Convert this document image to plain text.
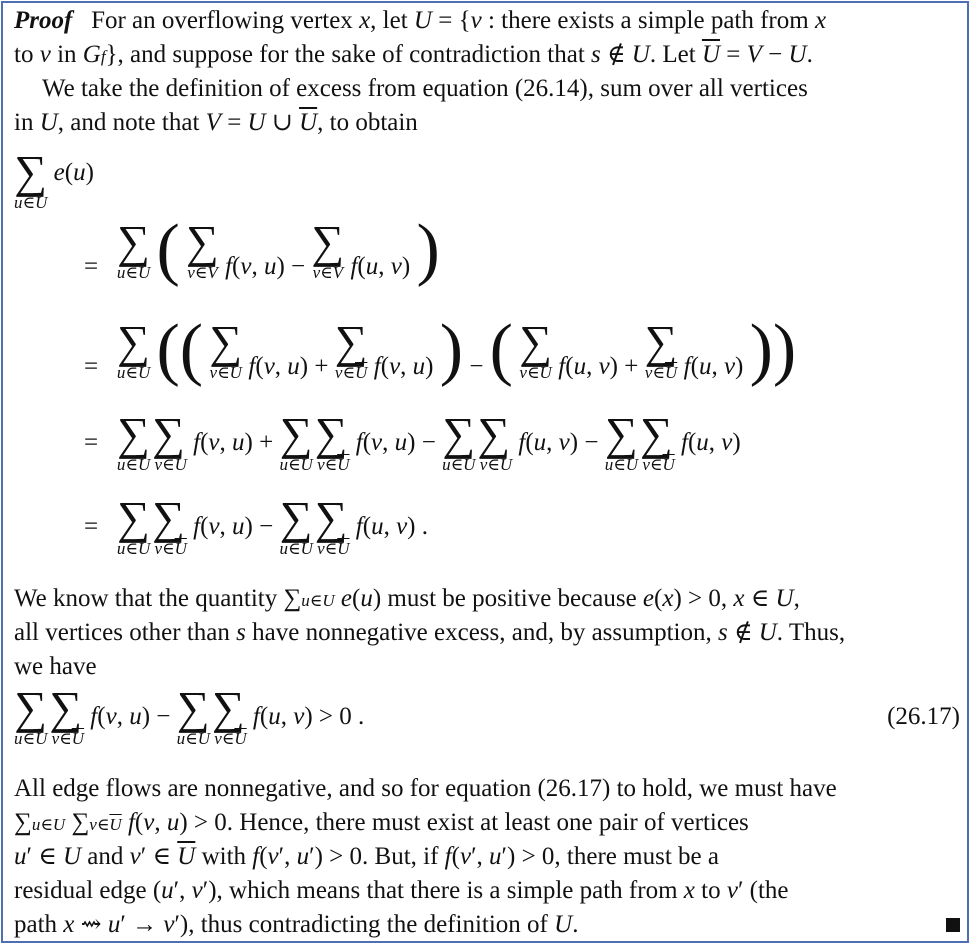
Proof   For an overflowing vertex x, let U = {ν : there exists a simple path from x
to ν in Gf}, and suppose for the sake of contradiction that s ∉ U. Let $\overline{U} = V - U$.
We take the definition of excess from equation (26.14), sum over all vertices
in U, and note that V = U ∪ $\overline{U}$, to obtain
∑
u∈U
e(u)
= ∑
u∈U ( ∑
ν∈V f(ν, u) − ∑
ν∈V f(u, ν) )
= ∑
u∈U (( ∑
ν∈U f(ν, u) + ∑
$\nu\in\overline{U}$ f(ν, u) ) − ( ∑
ν∈U f(u, ν) + ∑
$\nu\in\overline{U}$ f(u, ν) ))
= ∑
u∈U
∑
ν∈U
f(ν, u) + ∑
u∈U
∑
$\nu\in\overline{U}$
f(ν, u) − ∑
u∈U
∑
ν∈U
f(u, ν) − ∑
u∈U
∑
$\nu\in\overline{U}$
f(u, ν)
= ∑
u∈U
∑
$\nu\in\overline{U}$
f(ν, u) − ∑
u∈U
∑
$\nu\in\overline{U}$
f(u, ν) .
We know that the quantity ∑u∈U e(u) must be positive because e(x) > 0, x ∈ U,
all vertices other than s have nonnegative excess, and, by assumption, s ∉ U. Thus,
we have
∑
u∈U
∑
$\nu\in\overline{U}$
f(ν, u) − ∑
u∈U
∑
$\nu\in\overline{U}$
f(u, ν) > 0 .	(26.17)
All edge flows are nonnegative, and so for equation (26.17) to hold, we must have
∑u∈U $\sum\nu\in\overline{U}$ f(ν, u) > 0. Hence, there must exist at least one pair of vertices
u′ ∈ U and ν′ ∈ $\overline{U}$ with f(ν′, u′) > 0. But, if f(ν′, u′) > 0, there must be a
residual edge (u′, ν′), which means that there is a simple path from x to ν′ (the
path x ⇝ u′ → ν′), thus contradicting the definition of U.
